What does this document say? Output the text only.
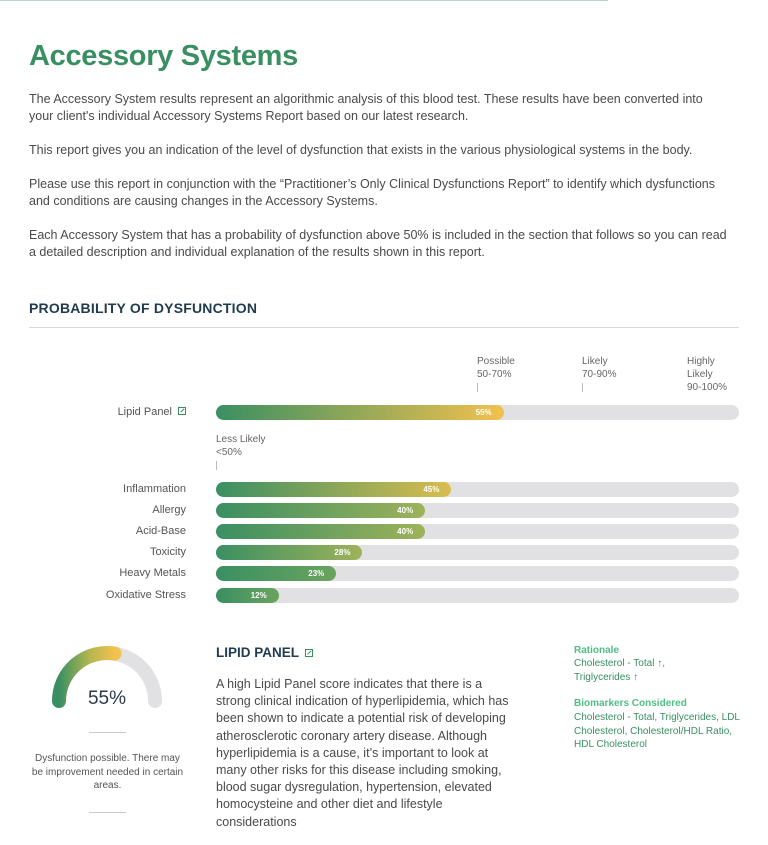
Accessory Systems

The Accessory System results represent an algorithmic analysis of this blood test. These results have been converted into your client's individual Accessory Systems Report based on our latest research.

This report gives you an indication of the level of dysfunction that exists in the various physiological systems in the body.

Please use this report in conjunction with the “Practitioner’s Only Clinical Dysfunctions Report” to identify which dysfunctions and conditions are causing changes in the Accessory Systems.

Each Accessory System that has a probability of dysfunction above 50% is included in the section that follows so you can read a detailed description and individual explanation of the results shown in this report.

PROBABILITY OF DYSFUNCTION
Possible
50-70%
Likely
70-90%
Highly
Likely
90-100%
Less Likely
<50%
Lipid Panel	55%
Inflammation	45%
Allergy	40%
Acid-Base	40%
Toxicity	28%
Heavy Metals	23%
Oxidative Stress	12%
55%
Dysfunction possible. There may be improvement needed in certain areas.
LIPID PANEL
A high Lipid Panel score indicates that there is a strong clinical indication of hyperlipidemia, which has been shown to indicate a potential risk of developing atherosclerotic coronary artery disease. Although hyperlipidemia is a cause, it’s important to look at many other risks for this disease including smoking, blood sugar dysregulation, hypertension, elevated homocysteine and other diet and lifestyle considerations
Rationale
Cholesterol - Total ↑, Triglycerides ↑
Biomarkers Considered
Cholesterol - Total, Triglycerides, LDL Cholesterol, Cholesterol/HDL Ratio, HDL Cholesterol
